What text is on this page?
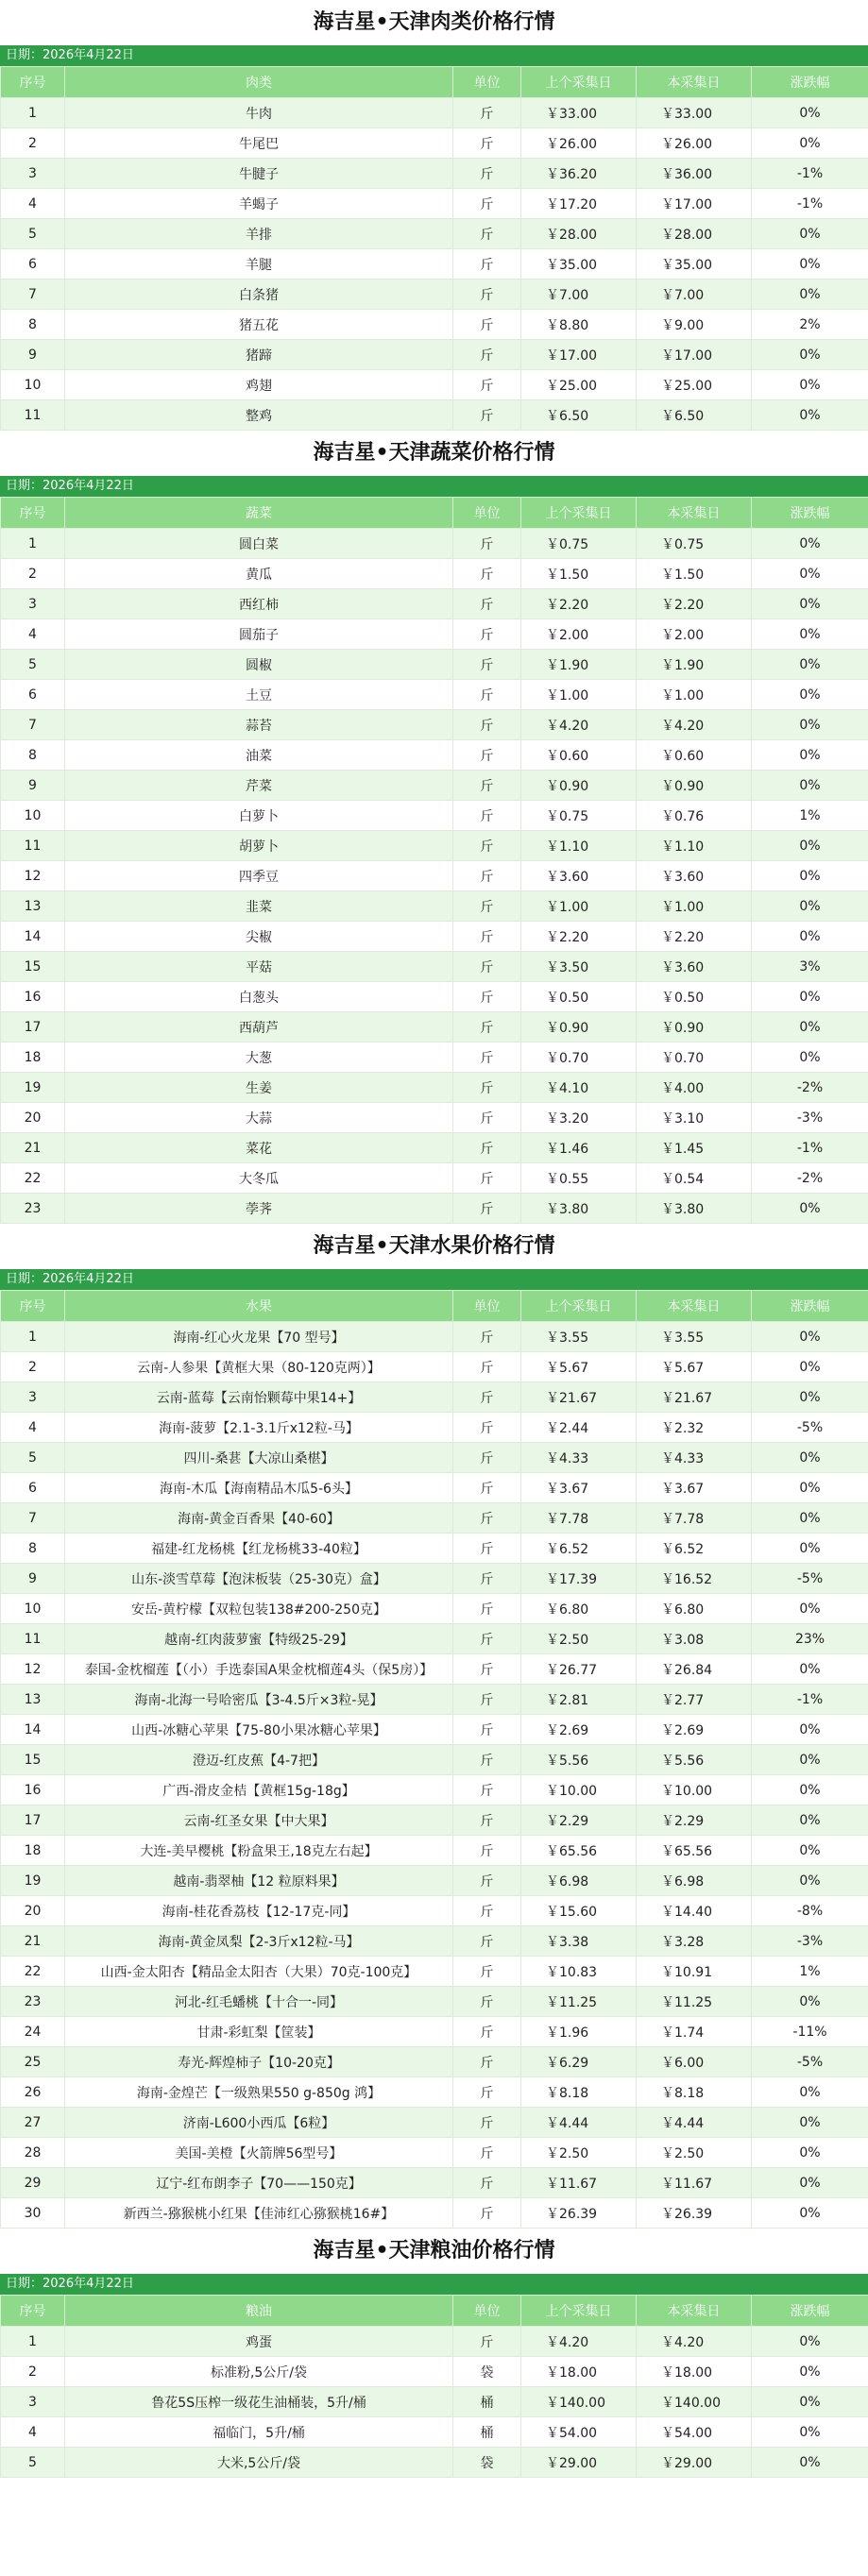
海吉星•天津肉类价格行情
日期：2026年4月22日
序号	肉类	单位	上个采集日	本采集日	涨跌幅
1	牛肉	斤	￥33.00	￥33.00	0%
2	牛尾巴	斤	￥26.00	￥26.00	0%
3	牛腱子	斤	￥36.20	￥36.00	-1%
4	羊蝎子	斤	￥17.20	￥17.00	-1%
5	羊排	斤	￥28.00	￥28.00	0%
6	羊腿	斤	￥35.00	￥35.00	0%
7	白条猪	斤	￥7.00	￥7.00	0%
8	猪五花	斤	￥8.80	￥9.00	2%
9	猪蹄	斤	￥17.00	￥17.00	0%
10	鸡翅	斤	￥25.00	￥25.00	0%
11	整鸡	斤	￥6.50	￥6.50	0%
海吉星•天津蔬菜价格行情
日期：2026年4月22日
序号	蔬菜	单位	上个采集日	本采集日	涨跌幅
1	圆白菜	斤	￥0.75	￥0.75	0%
2	黄瓜	斤	￥1.50	￥1.50	0%
3	西红柿	斤	￥2.20	￥2.20	0%
4	圆茄子	斤	￥2.00	￥2.00	0%
5	圆椒	斤	￥1.90	￥1.90	0%
6	土豆	斤	￥1.00	￥1.00	0%
7	蒜苔	斤	￥4.20	￥4.20	0%
8	油菜	斤	￥0.60	￥0.60	0%
9	芹菜	斤	￥0.90	￥0.90	0%
10	白萝卜	斤	￥0.75	￥0.76	1%
11	胡萝卜	斤	￥1.10	￥1.10	0%
12	四季豆	斤	￥3.60	￥3.60	0%
13	韭菜	斤	￥1.00	￥1.00	0%
14	尖椒	斤	￥2.20	￥2.20	0%
15	平菇	斤	￥3.50	￥3.60	3%
16	白葱头	斤	￥0.50	￥0.50	0%
17	西葫芦	斤	￥0.90	￥0.90	0%
18	大葱	斤	￥0.70	￥0.70	0%
19	生姜	斤	￥4.10	￥4.00	-2%
20	大蒜	斤	￥3.20	￥3.10	-3%
21	菜花	斤	￥1.46	￥1.45	-1%
22	大冬瓜	斤	￥0.55	￥0.54	-2%
23	荸荠	斤	￥3.80	￥3.80	0%
海吉星•天津水果价格行情
日期：2026年4月22日
序号	水果	单位	上个采集日	本采集日	涨跌幅
1	海南-红心火龙果【70 型号】	斤	￥3.55	￥3.55	0%
2	云南-人参果【黄框大果（80-120克两）】	斤	￥5.67	￥5.67	0%
3	云南-蓝莓【云南怡颗莓中果14+】	斤	￥21.67	￥21.67	0%
4	海南-菠萝【2.1-3.1斤x12粒-马】	斤	￥2.44	￥2.32	-5%
5	四川-桑葚【大凉山桑椹】	斤	￥4.33	￥4.33	0%
6	海南-木瓜【海南精品木瓜5-6头】	斤	￥3.67	￥3.67	0%
7	海南-黄金百香果【40-60】	斤	￥7.78	￥7.78	0%
8	福建-红龙杨桃【红龙杨桃33-40粒】	斤	￥6.52	￥6.52	0%
9	山东-淡雪草莓【泡沫板装（25-30克）盒】	斤	￥17.39	￥16.52	-5%
10	安岳-黄柠檬【双粒包装138#200-250克】	斤	￥6.80	￥6.80	0%
11	越南-红肉菠萝蜜【特级25-29】	斤	￥2.50	￥3.08	23%
12	泰国-金枕榴莲【（小）手选泰国A果金枕榴莲4头（保5房）】	斤	￥26.77	￥26.84	0%
13	海南-北海一号哈密瓜【3-4.5斤×3粒-晃】	斤	￥2.81	￥2.77	-1%
14	山西-冰糖心苹果【75-80小果冰糖心苹果】	斤	￥2.69	￥2.69	0%
15	澄迈-红皮蕉【4-7把】	斤	￥5.56	￥5.56	0%
16	广西-滑皮金桔【黄框15g-18g】	斤	￥10.00	￥10.00	0%
17	云南-红圣女果【中大果】	斤	￥2.29	￥2.29	0%
18	大连-美早樱桃【粉盒果王,18克左右起】	斤	￥65.56	￥65.56	0%
19	越南-翡翠柚【12 粒原料果】	斤	￥6.98	￥6.98	0%
20	海南-桂花香荔枝【12-17克-同】	斤	￥15.60	￥14.40	-8%
21	海南-黄金凤梨【2-3斤x12粒-马】	斤	￥3.38	￥3.28	-3%
22	山西-金太阳杏【精品金太阳杏（大果）70克-100克】	斤	￥10.83	￥10.91	1%
23	河北-红毛蟠桃【十合一-同】	斤	￥11.25	￥11.25	0%
24	甘肃-彩虹梨【筐装】	斤	￥1.96	￥1.74	-11%
25	寿光-辉煌柿子【10-20克】	斤	￥6.29	￥6.00	-5%
26	海南-金煌芒【一级熟果550 g-850g 鸿】	斤	￥8.18	￥8.18	0%
27	济南-L600小西瓜【6粒】	斤	￥4.44	￥4.44	0%
28	美国-美橙【火箭牌56型号】	斤	￥2.50	￥2.50	0%
29	辽宁-红布朗李子【70——150克】	斤	￥11.67	￥11.67	0%
30	新西兰-猕猴桃小红果【佳沛红心猕猴桃16#】	斤	￥26.39	￥26.39	0%
海吉星•天津粮油价格行情
日期：2026年4月22日
序号	粮油	单位	上个采集日	本采集日	涨跌幅
1	鸡蛋	斤	￥4.20	￥4.20	0%
2	标准粉,5公斤/袋	袋	￥18.00	￥18.00	0%
3	鲁花5S压榨一级花生油桶装，5升/桶	桶	￥140.00	￥140.00	0%
4	福临门，5升/桶	桶	￥54.00	￥54.00	0%
5	大米,5公斤/袋	袋	￥29.00	￥29.00	0%
